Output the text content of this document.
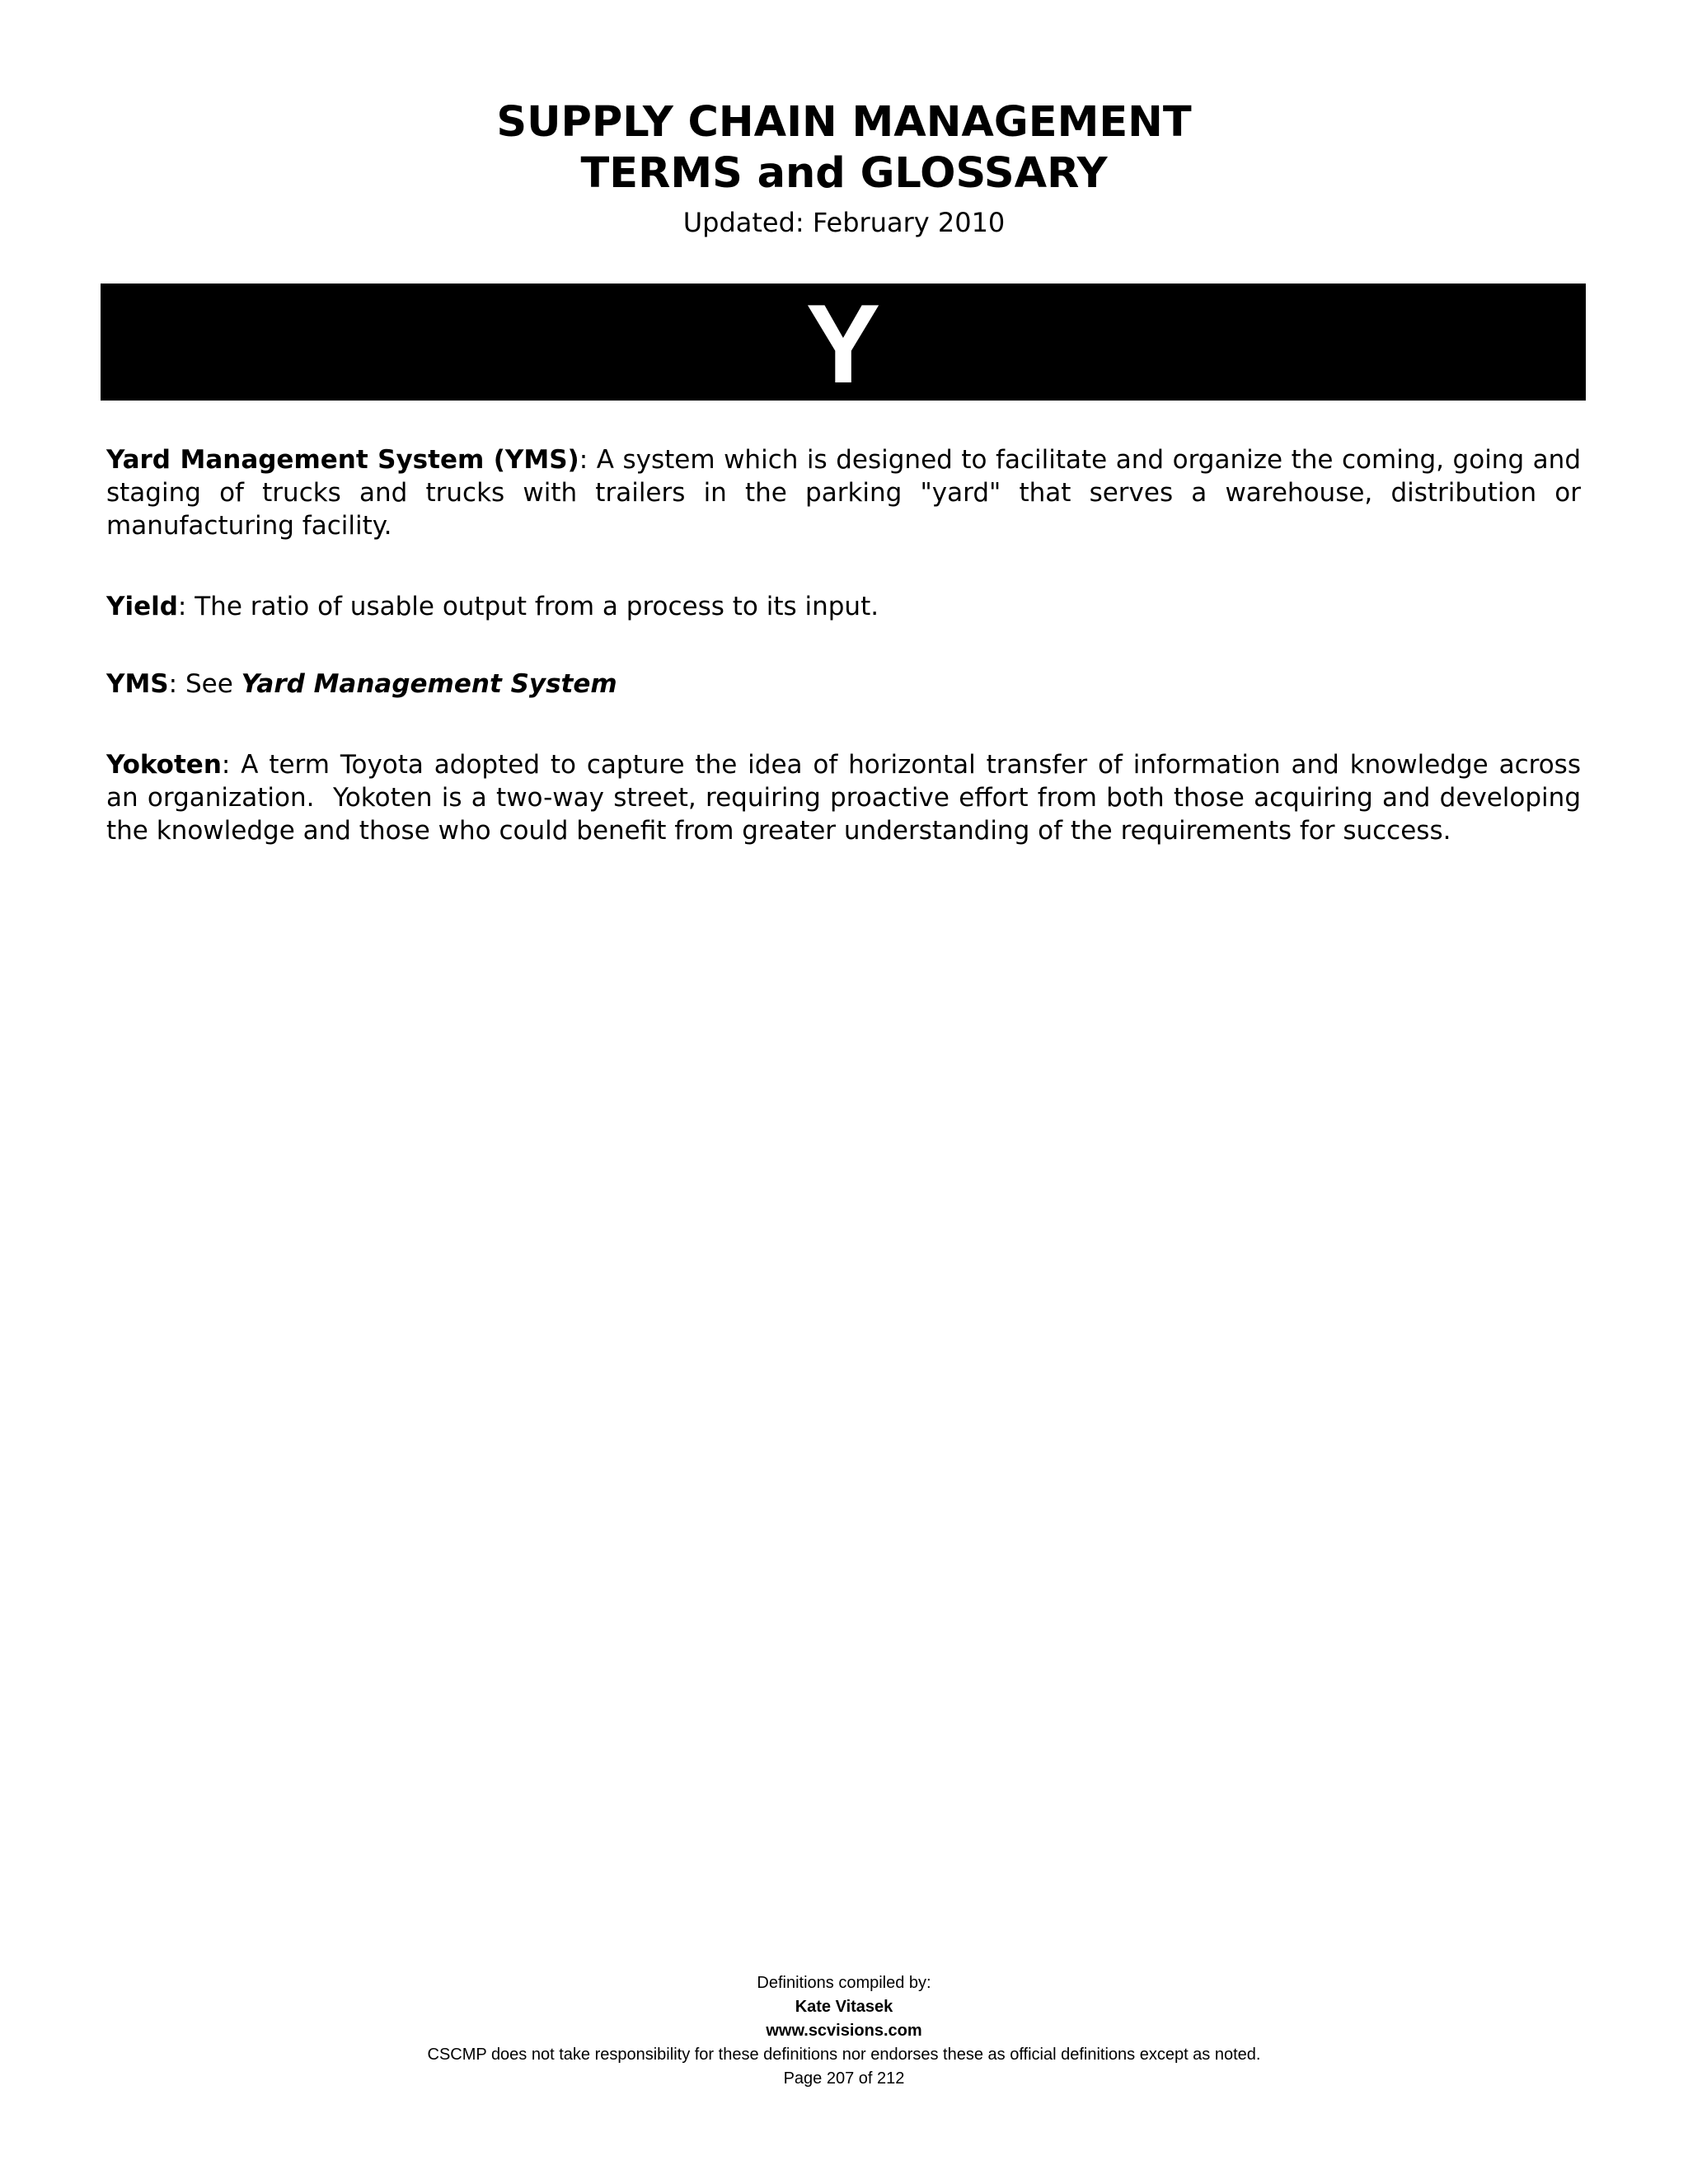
SUPPLY CHAIN MANAGEMENT
TERMS and GLOSSARY
Updated: February 2010
Y

Yard Management System (YMS): A system which is designed to facilitate and organize the coming, going and staging of trucks and trucks with trailers in the parking "yard" that serves a warehouse, distribution or manufacturing facility.

Yield: The ratio of usable output from a process to its input.

YMS: See Yard Management System

Yokoten: A term Toyota adopted to capture the idea of horizontal transfer of information and knowledge across an organization.  Yokoten is a two-way street, requiring proactive effort from both those acquiring and developing the knowledge and those who could benefit from greater understanding of the requirements for success.

Definitions compiled by:
Kate Vitasek
www.scvisions.com
CSCMP does not take responsibility for these definitions nor endorses these as official definitions except as noted.
Page 207 of 212
